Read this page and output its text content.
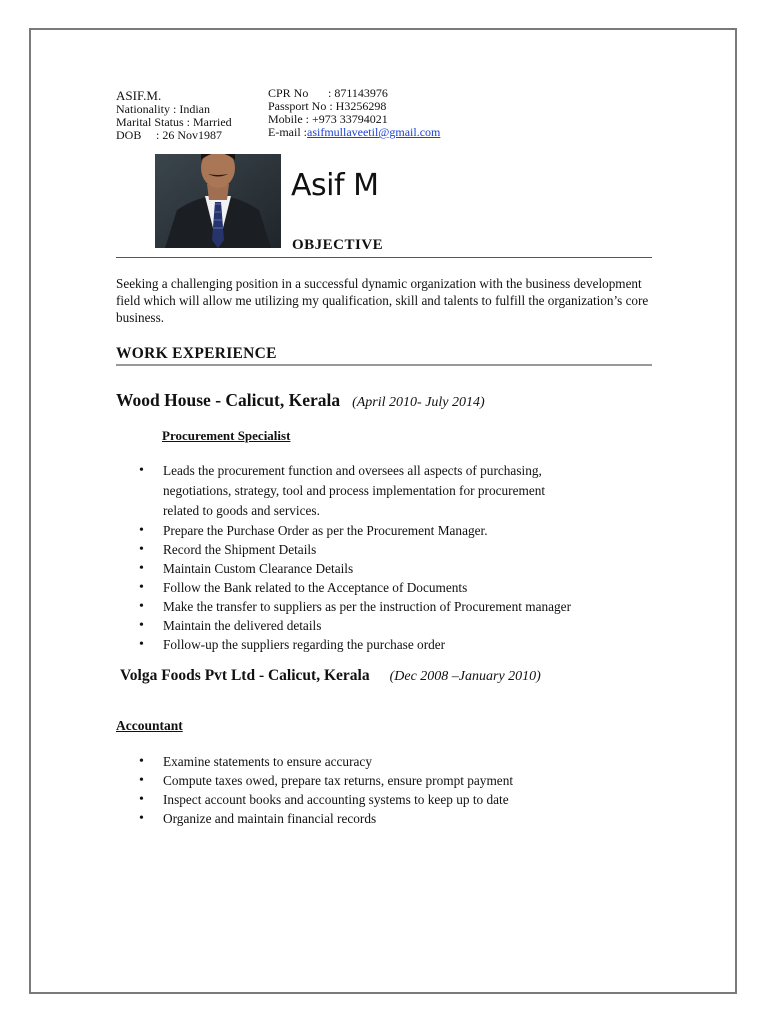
ASIF.M.
Nationality : Indian
Marital Status : Married
DOB : 26 Nov1987
CPR No : 871143976
Passport No : H3256298
Mobile : +973 33794021
E-mail :asifmullaveetil@gmail.com
Asif M
OBJECTIVE
Seeking a challenging position in a successful dynamic organization with the business development field which will allow me utilizing my qualification, skill and talents to fulfill the organization’s core business.
WORK EXPERIENCE
Wood House - Calicut, Kerala (April 2010- July 2014)
Procurement Specialist
• Leads the procurement function and oversees all aspects of purchasing,
negotiations, strategy, tool and process implementation for procurement
related to goods and services.
• Prepare the Purchase Order as per the Procurement Manager.
• Record the Shipment Details
• Maintain Custom Clearance Details
• Follow the Bank related to the Acceptance of Documents
• Make the transfer to suppliers as per the instruction of Procurement manager
• Maintain the delivered details
• Follow-up the suppliers regarding the purchase order
Volga Foods Pvt Ltd - Calicut, Kerala (Dec 2008 –January 2010)
Accountant
• Examine statements to ensure accuracy
• Compute taxes owed, prepare tax returns, ensure prompt payment
• Inspect account books and accounting systems to keep up to date
• Organize and maintain financial records
